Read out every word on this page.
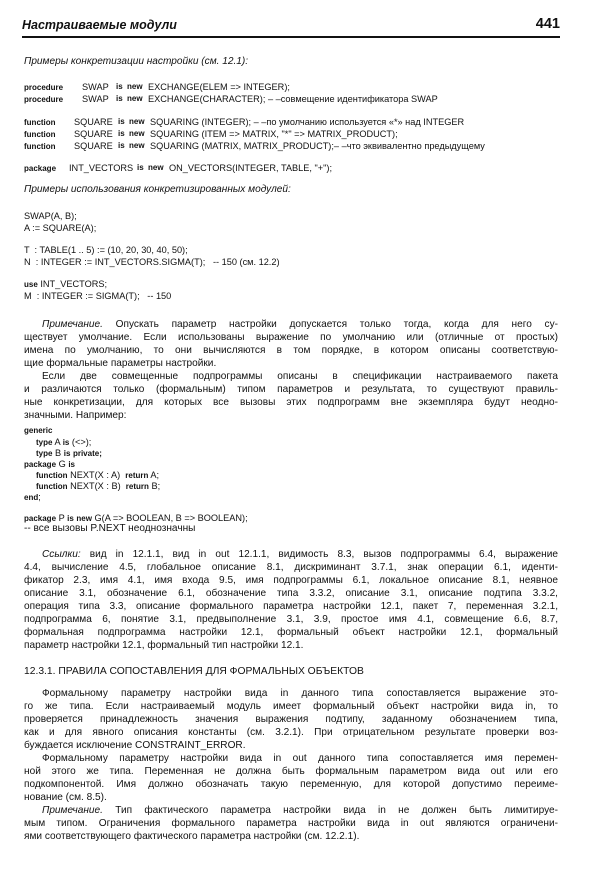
Настраиваемые модули	441
Примеры конкретизации настройки (см. 12.1):
procedure SWAP is new EXCHANGE(ELEM => INTEGER);
procedure SWAP is new EXCHANGE(CHARACTER); – –совмещение идентификатора SWAP
function SQUARE is new SQUARING (INTEGER); – –по умолчанию используется «*» над INTEGER
function SQUARE is new SQUARING (ITEM => MATRIX, "*" => MATRIX_PRODUCT);
function SQUARE is new SQUARING (MATRIX, MATRIX_PRODUCT);– –что эквивалентно предыдущему
package INT_VECTORS is new ON_VECTORS(INTEGER, TABLE, "+");
Примеры использования конкретизированных модулей:
SWAP(A, B);
A := SQUARE(A);
T  : TABLE(1 .. 5) := (10, 20, 30, 40, 50);
N  : INTEGER := INT_VECTORS.SIGMA(T);   -- 150 (см. 12.2)
use INT_VECTORS;
M  : INTEGER := SIGMA(T);   -- 150
Примечание. Опускать параметр настройки допускается только тогда, когда для него су-
ществует умолчание. Если использованы выражение по умолчанию или (отличные от простых)
имена по умолчанию, то они вычисляются в том порядке, в котором описаны соответствую-
щие формальные параметры настройки.
Если две совмещенные подпрограммы описаны в спецификации настраиваемого пакета
и различаются только (формальным) типом параметров и результата, то существуют правиль-
ные конкретизации, для которых все вызовы этих подпрограмм вне экземпляра будут неодно-
значными. Например:
generic
type A is (<>);
type B is private;
package G is
function NEXT(X : A) return A;
function NEXT(X : B) return B;
end;
package P is new G(A => BOOLEAN, B => BOOLEAN);
-- все вызовы P.NEXT неоднозначны
Ссылки: вид in 12.1.1, вид in out 12.1.1, видимость 8.3, вызов подпрограммы 6.4, выражение
4.4, вычисление 4.5, глобальное описание 8.1, дискриминант 3.7.1, знак операции 6.1, иденти-
фикатор 2.3, имя 4.1, имя входа 9.5, имя подпрограммы 6.1, локальное описание 8.1, неявное
описание 3.1, обозначение 6.1, обозначение типа 3.3.2, описание 3.1, описание подтипа 3.3.2,
операция типа 3.3, описание формального параметра настройки 12.1, пакет 7, переменная 3.2.1,
подпрограмма 6, понятие 3.1, предвыполнение 3.1, 3.9, простое имя 4.1, совмещение 6.6, 8.7,
формальная подпрограмма настройки 12.1, формальный объект настройки 12.1, формальный
параметр настройки 12.1, формальный тип настройки 12.1.
12.3.1. ПРАВИЛА СОПОСТАВЛЕНИЯ ДЛЯ ФОРМАЛЬНЫХ ОБЪЕКТОВ
Формальному параметру настройки вида in данного типа сопоставляется выражение это-
го же типа. Если настраиваемый модуль имеет формальный объект настройки вида in, то
проверяется принадлежность значения выражения подтипу, заданному обозначением типа,
как и для явного описания константы (см. 3.2.1). При отрицательном результате проверки воз-
буждается исключение CONSTRAINT_ERROR.
Формальному параметру настройки вида in out данного типа сопоставляется имя перемен-
ной этого же типа. Переменная не должна быть формальным параметром вида out или его
подкомпонентой. Имя должно обозначать такую переменную, для которой допустимо переиме-
нование (см. 8.5).
Примечание. Тип фактического параметра настройки вида in не должен быть лимитируе-
мым типом. Ограничения формального параметра настройки вида in out являются ограничени-
ями соответствующего фактического параметра настройки (см. 12.2.1).
